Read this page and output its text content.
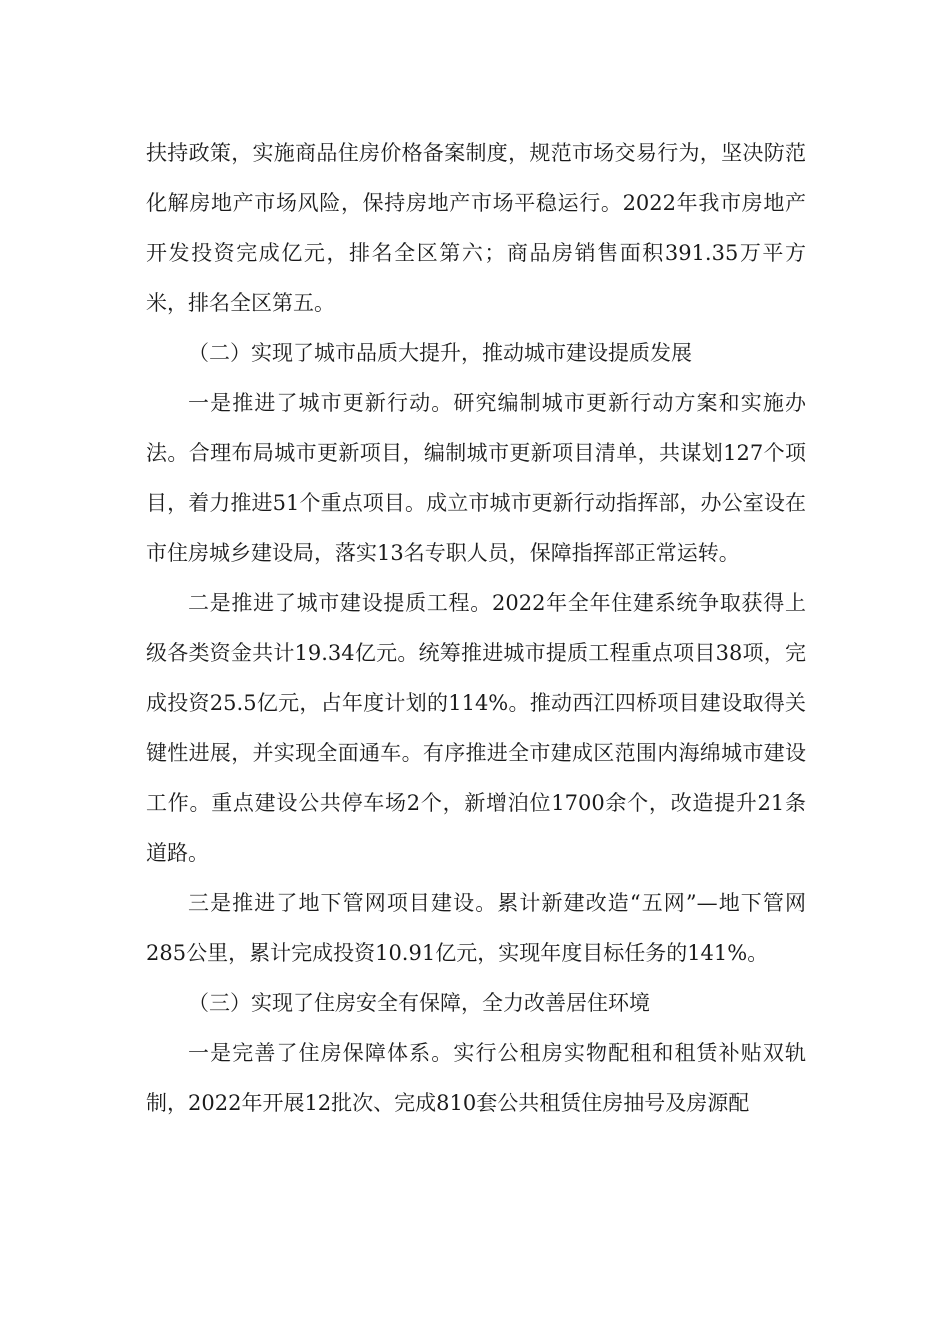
扶持政策，实施商品住房价格备案制度，规范市场交易行为，坚决防范化解房地产市场风险，保持房地产市场平稳运行。2022年我市房地产开发投资完成亿元，排名全区第六；商品房销售面积391.35万平方米，排名全区第五。

（二）实现了城市品质大提升，推动城市建设提质发展

一是推进了城市更新行动。研究编制城市更新行动方案和实施办法。合理布局城市更新项目，编制城市更新项目清单，共谋划127个项目，着力推进51个重点项目。成立市城市更新行动指挥部，办公室设在市住房城乡建设局，落实13名专职人员，保障指挥部正常运转。

二是推进了城市建设提质工程。2022年全年住建系统争取获得上级各类资金共计19.34亿元。统筹推进城市提质工程重点项目38项，完成投资25.5亿元，占年度计划的114%。推动西江四桥项目建设取得关键性进展，并实现全面通车。有序推进全市建成区范围内海绵城市建设工作。重点建设公共停车场2个，新增泊位1700余个，改造提升21条道路。

三是推进了地下管网项目建设。累计新建改造“五网”—地下管网285公里，累计完成投资10.91亿元，实现年度目标任务的141%。

（三）实现了住房安全有保障，全力改善居住环境

一是完善了住房保障体系。实行公租房实物配租和租赁补贴双轨制，2022年开展12批次、完成810套公共租赁住房抽号及房源配
